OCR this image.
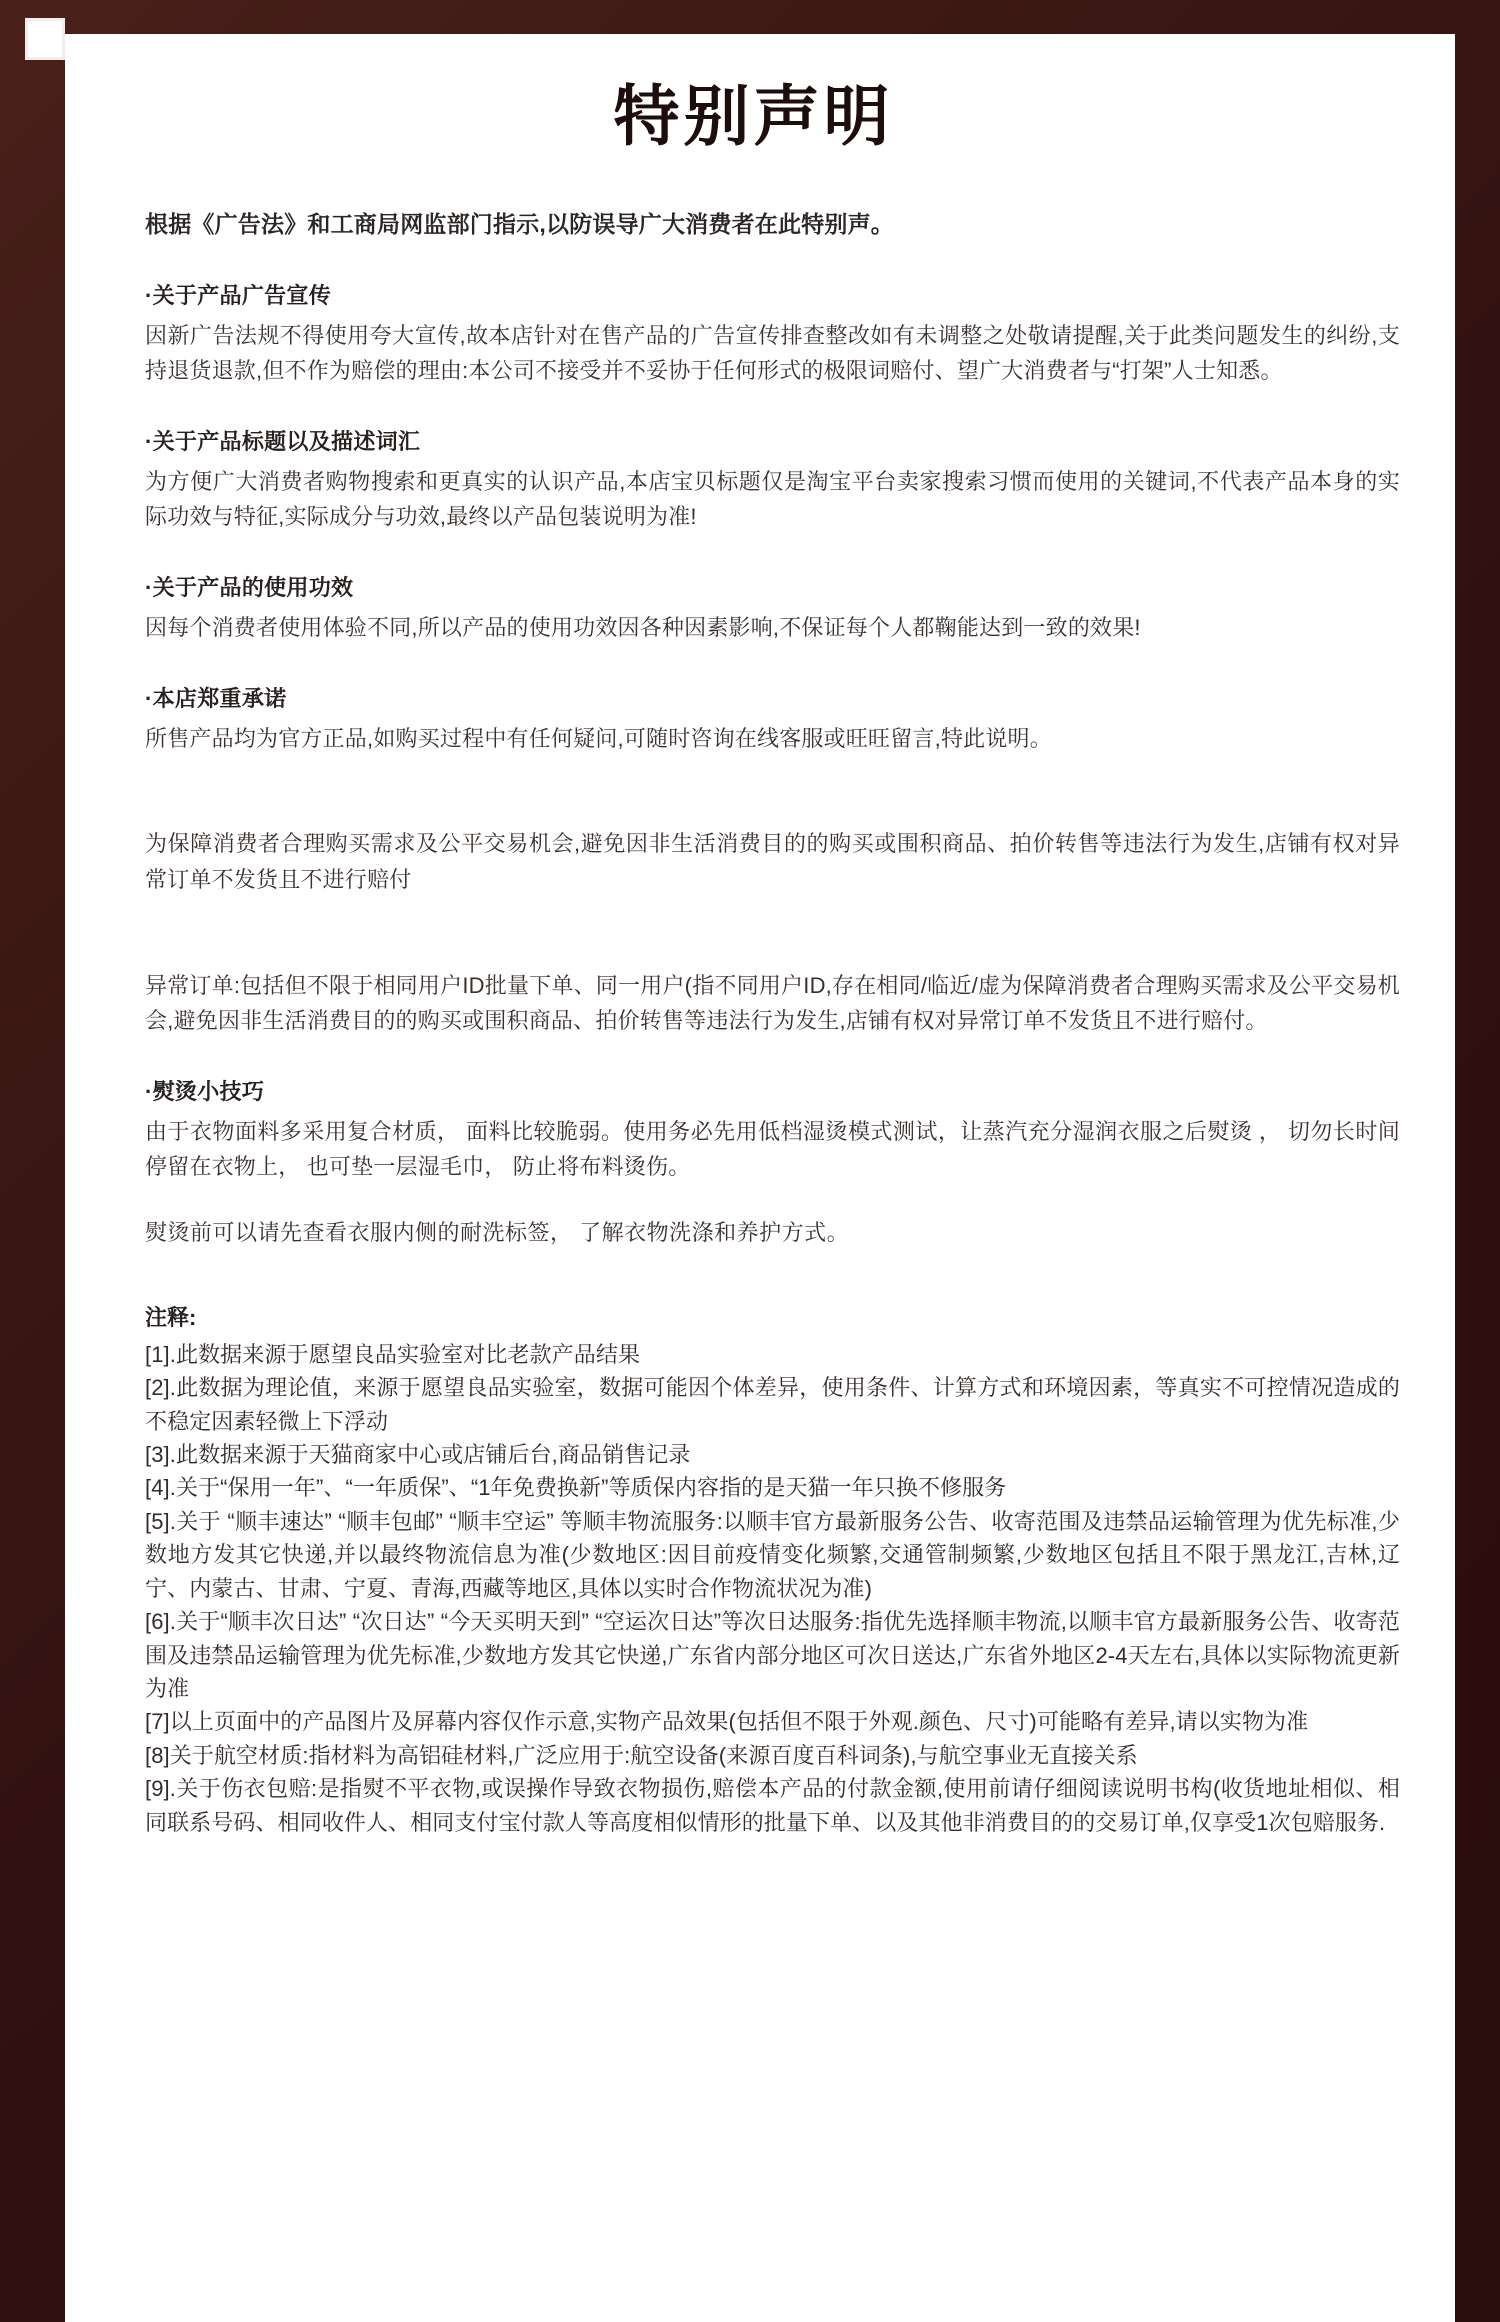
特别声明

根据《广告法》和工商局网监部门指示,以防误导广大消费者在此特别声。

·关于产品广告宣传
因新广告法规不得使用夸大宣传,故本店针对在售产品的广告宣传排查整改如有未调整之处敬请提醒,关于此类问题发生的纠纷,支持退货退款,但不作为赔偿的理由:本公司不接受并不妥协于任何形式的极限词赔付、望广大消费者与“打架”人士知悉。
·关于产品标题以及描述词汇
为方便广大消费者购物搜索和更真实的认识产品,本店宝贝标题仅是淘宝平台卖家搜索习惯而使用的关键词,不代表产品本身的实际功效与特征,实际成分与功效,最终以产品包装说明为准!
·关于产品的使用功效
因每个消费者使用体验不同,所以产品的使用功效因各种因素影响,不保证每个人都鞠能达到一致的效果!
·本店郑重承诺
所售产品均为官方正品,如购买过程中有任何疑问,可随时咨询在线客服或旺旺留言,特此说明。

为保障消费者合理购买需求及公平交易机会,避免因非生活消费目的的购买或围积商品、拍价转售等违法行为发生,店铺有权对异常订单不发货且不进行赔付

异常订单:包括但不限于相同用户ID批量下单、同一用户(指不同用户ID,存在相同/临近/虚为保障消费者合理购买需求及公平交易机会,避免因非生活消费目的的购买或围积商品、拍价转售等违法行为发生,店铺有权对异常订单不发货且不进行赔付。

·熨烫小技巧
由于衣物面料多采用复合材质， 面料比较脆弱。使用务必先用低档湿烫模式测试，让蒸汽充分湿润衣服之后熨烫 ， 切勿长时间停留在衣物上， 也可垫一层湿毛巾， 防止将布料烫伤。
熨烫前可以请先查看衣服内侧的耐洗标签， 了解衣物洗涤和养护方式。
注释:

[1].此数据来源于愿望良品实验室对比老款产品结果

[2].此数据为理论值，来源于愿望良品实验室，数据可能因个体差异，使用条件、计算方式和环境因素，等真实不可控情况造成的不稳定因素轻微上下浮动

[3].此数据来源于天猫商家中心或店铺后台,商品销售记录

[4].关于“保用一年”、“一年质保”、“1年免费换新”等质保内容指的是天猫一年只换不修服务

[5].关于 “顺丰速达” “顺丰包邮” “顺丰空运” 等顺丰物流服务:以顺丰官方最新服务公告、收寄范围及违禁品运输管理为优先标准,少数地方发其它快递,并以最终物流信息为准(少数地区:因目前疫情变化频繁,交通管制频繁,少数地区包括且不限于黑龙江,吉林,辽宁、内蒙古、甘肃、宁夏、青海,西藏等地区,具体以实时合作物流状况为准)

[6].关于“顺丰次日达” “次日达” “今天买明天到” “空运次日达”等次日达服务:指优先选择顺丰物流,以顺丰官方最新服务公告、收寄范围及违禁品运输管理为优先标准,少数地方发其它快递,广东省内部分地区可次日送达,广东省外地区2-4天左右,具体以实际物流更新为准

[7]以上页面中的产品图片及屏幕内容仅作示意,实物产品效果(包括但不限于外观.颜色、尺寸)可能略有差异,请以实物为准

[8]关于航空材质:指材料为高铝硅材料,广泛应用于:航空设备(来源百度百科词条),与航空事业无直接关系

[9].关于伤衣包赔:是指熨不平衣物,或误操作导致衣物损伤,赔偿本产品的付款金额,使用前请仔细阅读说明书构(收货地址相似、相同联系号码、相同收件人、相同支付宝付款人等高度相似情形的批量下单、以及其他非消费目的的交易订单,仅享受1次包赔服务.
